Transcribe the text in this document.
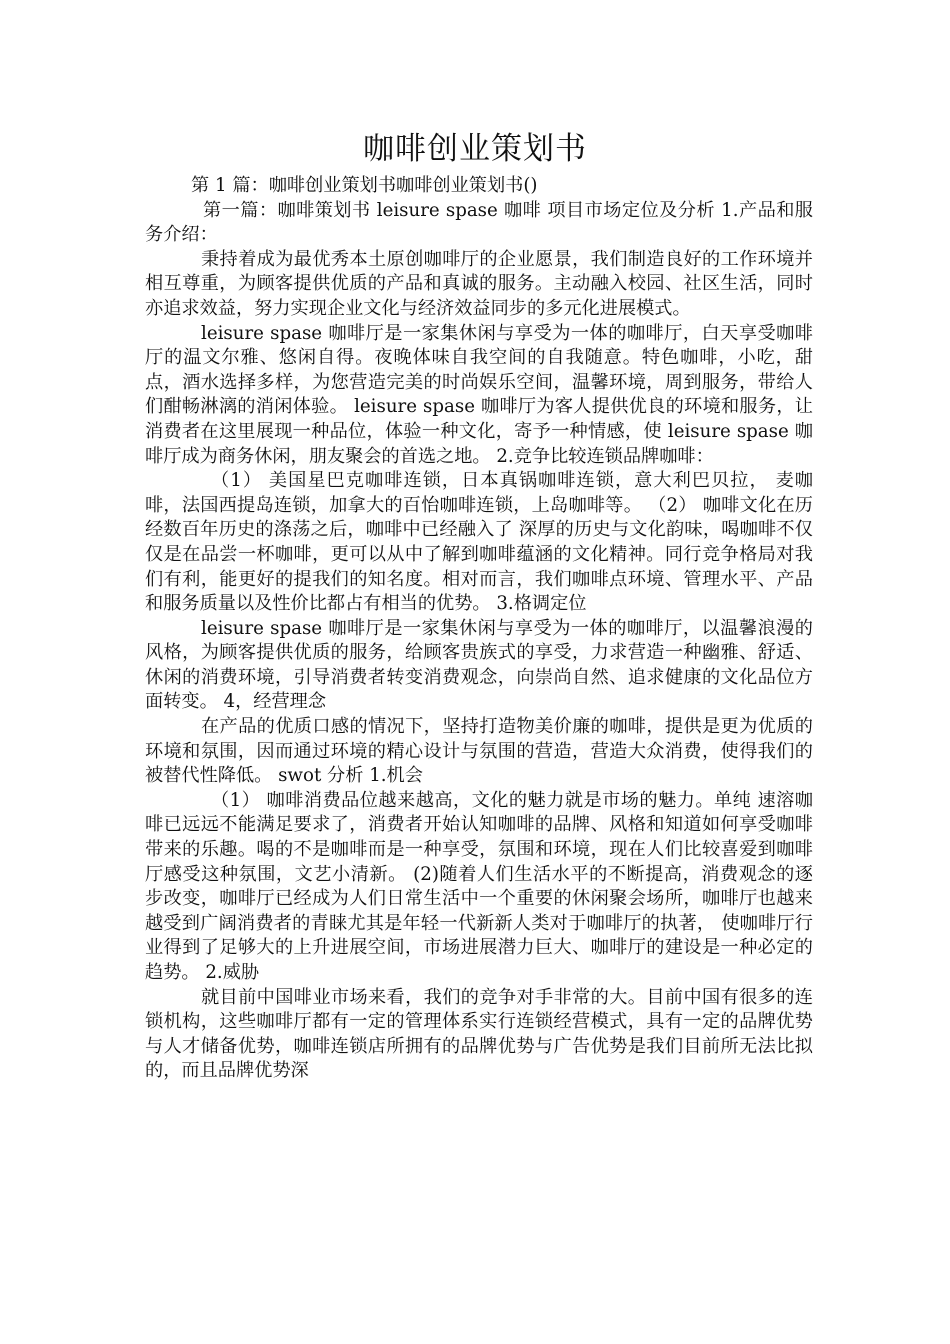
咖啡创业策划书

第 1 篇：咖啡创业策划书咖啡创业策划书()

第一篇：咖啡策划书 leisure spase 咖啡 项目市场定位及分析 1.产品和服务介绍：

秉持着成为最优秀本土原创咖啡厅的企业愿景，我们制造良好的工作环境并相互尊重，为顾客提供优质的产品和真诚的服务。主动融入校园、社区生活，同时亦追求效益，努力实现企业文化与经济效益同步的多元化进展模式。

leisure spase 咖啡厅是一家集休闲与享受为一体的咖啡厅，白天享受咖啡厅的温文尔雅、悠闲自得。夜晚体味自我空间的自我随意。特色咖啡，小吃，甜点，酒水选择多样，为您营造完美的时尚娱乐空间，温馨环境，周到服务，带给人们酣畅淋漓的消闲体验。 leisure spase 咖啡厅为客人提供优良的环境和服务，让消费者在这里展现一种品位，体验一种文化，寄予一种情感，使 leisure spase 咖啡厅成为商务休闲，朋友聚会的首选之地。 2.竞争比较连锁品牌咖啡：

（1） 美国星巴克咖啡连锁，日本真锅咖啡连锁，意大利巴贝拉， 麦咖啡，法国西提岛连锁，加拿大的百怡咖啡连锁，上岛咖啡等。 （2） 咖啡文化在历经数百年历史的涤荡之后，咖啡中已经融入了 深厚的历史与文化韵味，喝咖啡不仅仅是在品尝一杯咖啡，更可以从中了解到咖啡蕴涵的文化精神。同行竞争格局对我们有利，能更好的提我们的知名度。相对而言，我们咖啡点环境、管理水平、产品和服务质量以及性价比都占有相当的优势。 3.格调定位

leisure spase 咖啡厅是一家集休闲与享受为一体的咖啡厅，以温馨浪漫的风格，为顾客提供优质的服务，给顾客贵族式的享受，力求营造一种幽雅、舒适、休闲的消费环境，引导消费者转变消费观念，向崇尚自然、追求健康的文化品位方面转变。 4，经营理念

在产品的优质口感的情况下，坚持打造物美价廉的咖啡，提供是更为优质的环境和氛围，因而通过环境的精心设计与氛围的营造，营造大众消费，使得我们的被替代性降低。 swot 分析 1.机会

（1） 咖啡消费品位越来越高，文化的魅力就是市场的魅力。单纯 速溶咖啡已远远不能满足要求了，消费者开始认知咖啡的品牌、风格和知道如何享受咖啡带来的乐趣。喝的不是咖啡而是一种享受，氛围和环境，现在人们比较喜爱到咖啡厅感受这种氛围，文艺小清新。 (2)随着人们生活水平的不断提高，消费观念的逐步改变，咖啡厅已经成为人们日常生活中一个重要的休闲聚会场所，咖啡厅也越来越受到广阔消费者的青睐尤其是年轻一代新新人类对于咖啡厅的执著， 使咖啡厅行业得到了足够大的上升进展空间，市场进展潜力巨大、咖啡厅的建设是一种必定的趋势。 2.威胁

就目前中国啡业市场来看，我们的竞争对手非常的大。目前中国有很多的连锁机构，这些咖啡厅都有一定的管理体系实行连锁经营模式，具有一定的品牌优势与人才储备优势，咖啡连锁店所拥有的品牌优势与广告优势是我们目前所无法比拟的，而且品牌优势深
